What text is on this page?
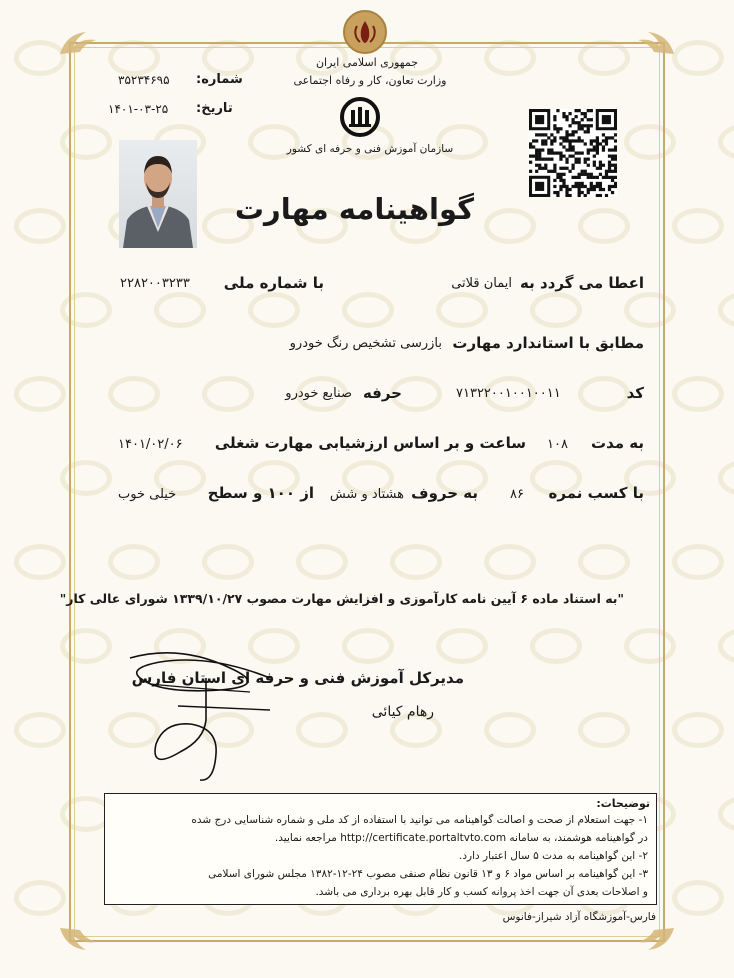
جمهوری اسلامی ایران
وزارت تعاون، کار و رفاه اجتماعی
سازمان آموزش فنی و حرفه ای کشور
شماره:
۳۵۲۳۴۶۹۵
تاریخ:
۱۴۰۱-۰۳-۲۵
گواهینامه مهارت
اعطا می گردد به
ایمان قلاتی
با شماره ملی
۲۲۸۲۰۰۳۲۳۳
مطابق با استاندارد مهارت
بازرسی تشخیص رنگ خودرو
کد
۷۱۳۲۲۰۰۱۰۰۱۰۰۱۱
حرفه
صنایع خودرو
به مدت
۱۰۸
ساعت و بر اساس ارزشیابی مهارت شغلی
۱۴۰۱/۰۲/۰۶
با کسب نمره
۸۶
به حروف
هشتاد و شش
از ۱۰۰ و سطح
خیلی خوب
"به استناد ماده ۶ آیین نامه کارآموزی و افزایش مهارت مصوب ۱۳۳۹/۱۰/۲۷ شورای عالی کار"
مدیرکل آموزش فنی و حرفه ای استان فارس
رهام کیائی
توضیحات:
۱- جهت استعلام از صحت و اصالت گواهینامه می توانید با استفاده از کد ملی و شماره شناسایی درج شده
در گواهینامه هوشمند، به سامانه http://certificate.portaltvto.com مراجعه نمایید.
۲- این گواهینامه به مدت ۵ سال اعتبار دارد.
۳- این گواهینامه بر اساس مواد ۶ و ۱۳ قانون نظام صنفی مصوب ۲۴-۱۲-۱۳۸۲ مجلس شورای اسلامی
و اصلاحات بعدی آن جهت اخذ پروانه کسب و کار قابل بهره برداری می باشد.
فارس-آموزشگاه آزاد شیراز-فانوس
